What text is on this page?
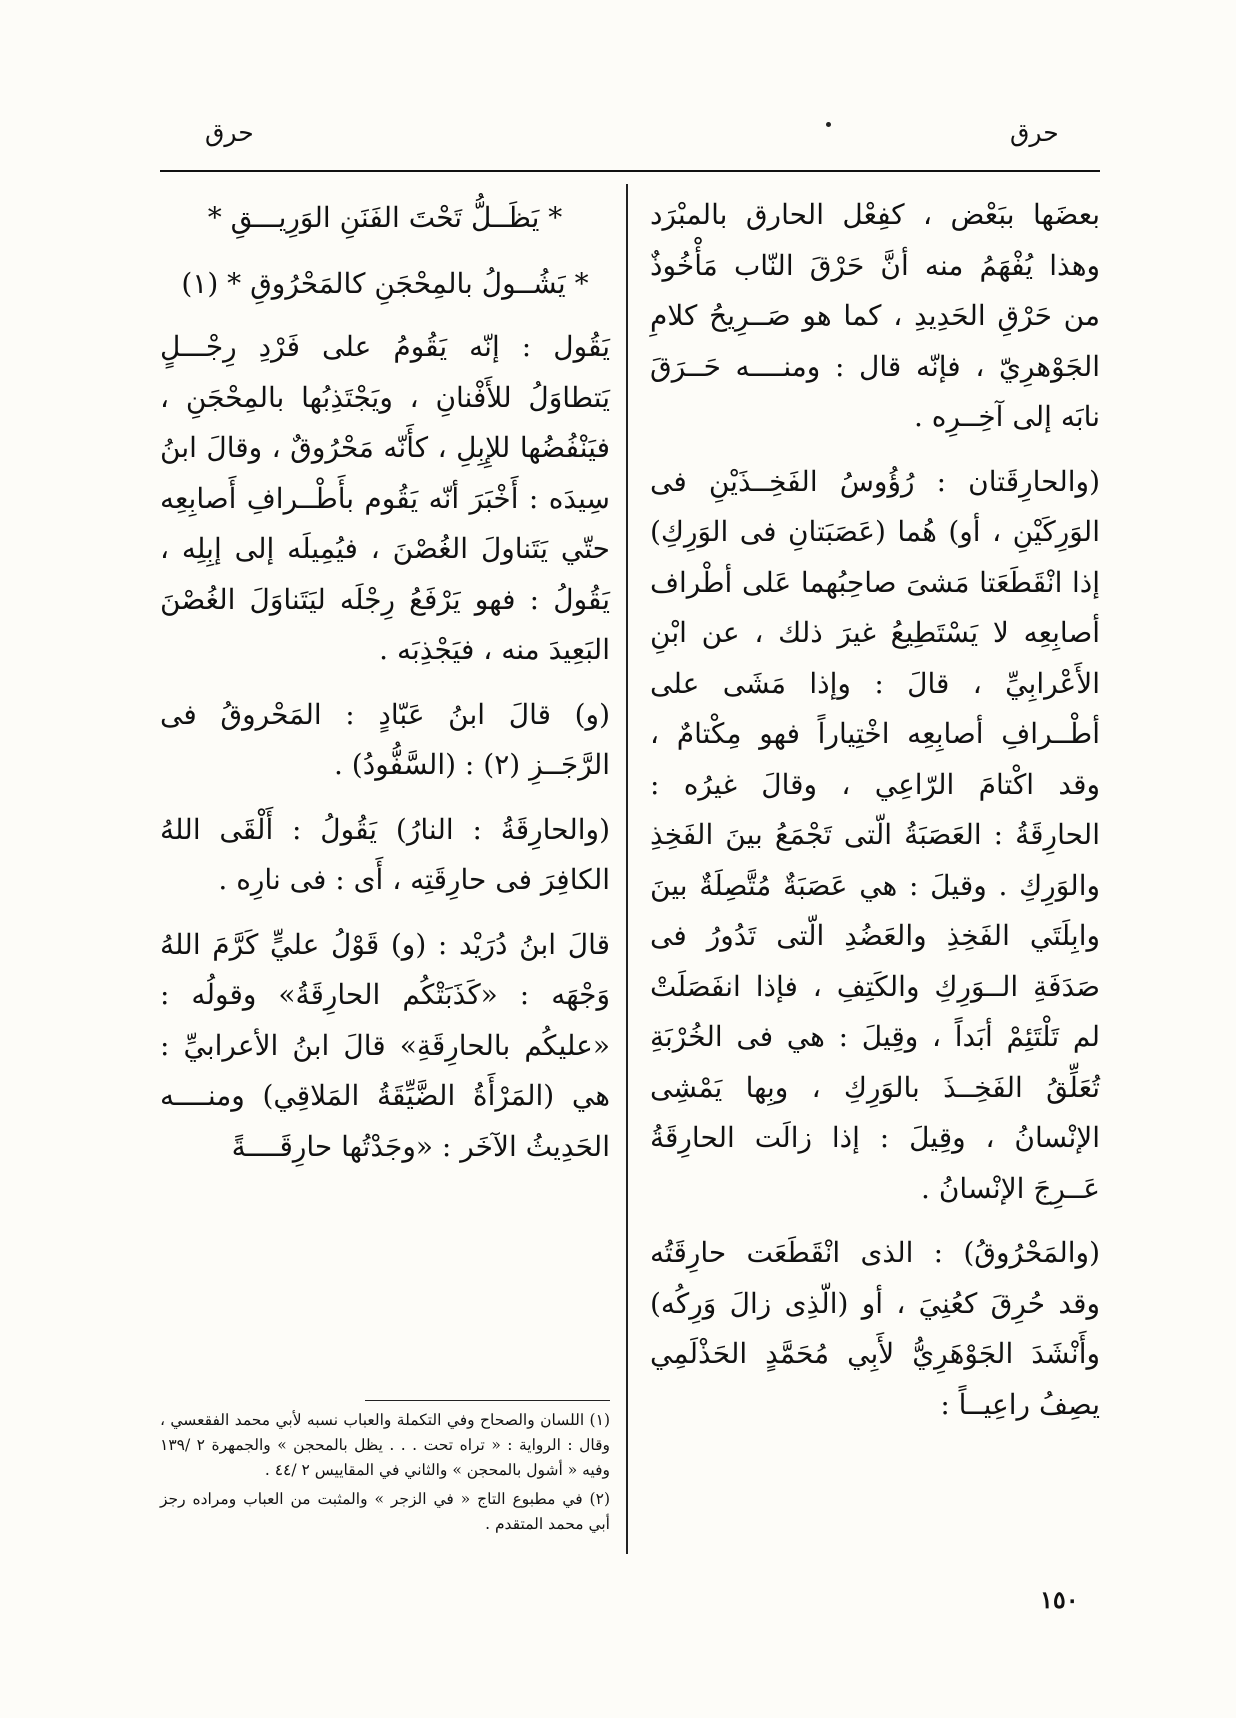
حرق
حرق

بعضَها ببَعْض ، كفِعْل الحارق بالمبْرَد وهذا يُفْهَمُ منه أنَّ حَرْقَ النّاب مَأْخُوذٌ من حَرْقِ الحَدِيدِ ، كما هو صَــرِيحُ كلامِ الجَوْهرِيّ ، فإنّه قال : ومنــــه حَــرَقَ نابَه إلى آخِــرِه .

(والحارِقَتان : رُؤُوسُ الفَخِــذَيْنِ فى الوَرِكَيْنِ ، أو) هُما (عَصَبَتانِ فى الوَرِكِ) إذا انْقَطَعَتا مَشىَ صاحِبُهما عَلى أطْراف أصابِعِه لا يَسْتَطِيعُ غيرَ ذلك ، عن ابْنِ الأَعْرابِيِّ ، قالَ : وإذا مَشَى على أطْــرافِ أصابِعِه اخْتِياراً فهو مِكْتامٌ ، وقد اكْتامَ الرّاعِي ، وقالَ غيرُه : الحارِقَةُ : العَصَبَةُ الّتى تَجْمَعُ بينَ الفَخِذِ والوَرِكِ . وقيلَ : هي عَصَبَةٌ مُتَّصِلَةٌ بينَ وابِلَتَي الفَخِذِ والعَضُدِ الّتى تَدُورُ فى صَدَفَةِ الــوَرِكِ والكَتِفِ ، فإذا انفَصَلَتْ لم تَلْتَئِمْ أبَداً ، وقِيلَ : هي فى الخُرْبَةِ تُعَلِّقُ الفَخِــذَ بالوَرِكِ ، وبِها يَمْشِى الإنْسانُ ، وقِيلَ : إذا زالَت الحارِقَةُ عَــرِجَ الإنْسانُ .

(والمَحْرُوقُ) : الذى انْقَطَعَت حارِقَتُه وقد حُرِقَ كعُنِيَ ، أو (الّذِى زالَ وَرِكُه) وأَنْشَدَ الجَوْهَرِيُّ لأَبِي مُحَمَّدٍ الحَذْلَمِي يصِفُ راعِيــاً :

* يَظَــلُّ تَحْتَ الفَنَنِ الوَرِيـــقِ *
* يَشُــولُ بالمِحْجَنِ كالمَحْرُوقِ * (١)

يَقُول : إنّه يَقُومُ على فَرْدِ رِجْـــلٍ يَتطاوَلُ للأَفْنانِ ، ويَجْتَذِبُها بالمِحْجَنِ ، فيَنْفُضُها للإِبِلِ ، كأَنّه مَحْرُوقٌ ، وقالَ ابنُ سِيدَه : أَخْبَرَ أنّه يَقُوم بأَطْــرافِ أَصابِعِه حتّي يَتَناولَ الغُصْنَ ، فيُمِيلَه إلى إبِلِه ، يَقُولُ : فهو يَرْفَعُ رِجْلَه ليَتَناوَلَ الغُصْنَ البَعِيدَ منه ، فيَجْذِبَه .

(و) قالَ ابنُ عَبّادٍ : المَحْروقُ فى الرَّجَــزِ (٢) : (السَّفُّودُ) .

(والحارِقَةُ : النارُ) يَقُولُ : أَلْقَى اللهُ الكافِرَ فى حارِقَتِه ، أَى : فى نارِه .

قالَ ابنُ دُرَيْد : (و) قَوْلُ عليٍّ كَرَّمَ اللهُ وَجْهَه : «كَذَبَتْكُم الحارِقَةُ» وقولُه : «عليكُم بالحارِقَةِ» قالَ ابنُ الأعرابيِّ : هي (المَرْأَةُ الضَّيِّقَةُ المَلاقِي) ومنــــه الحَدِيثُ الآخَر : «وجَدْتُها حارِقَــــةً

(١) اللسان والصحاح وفي التكملة والعباب نسبه لأبي محمد الفقعسي ، وقال : الرواية : « تراه تحت . . . يظل بالمحجن » والجمهرة ٢ /١٣٩ وفيه « أشول بالمحجن » والثاني في المقاييس ٢ /٤٤ .

(٢) في مطبوع التاج « في الزجر » والمثبت من العباب ومراده رجز أبي محمد المتقدم .

١٥٠
